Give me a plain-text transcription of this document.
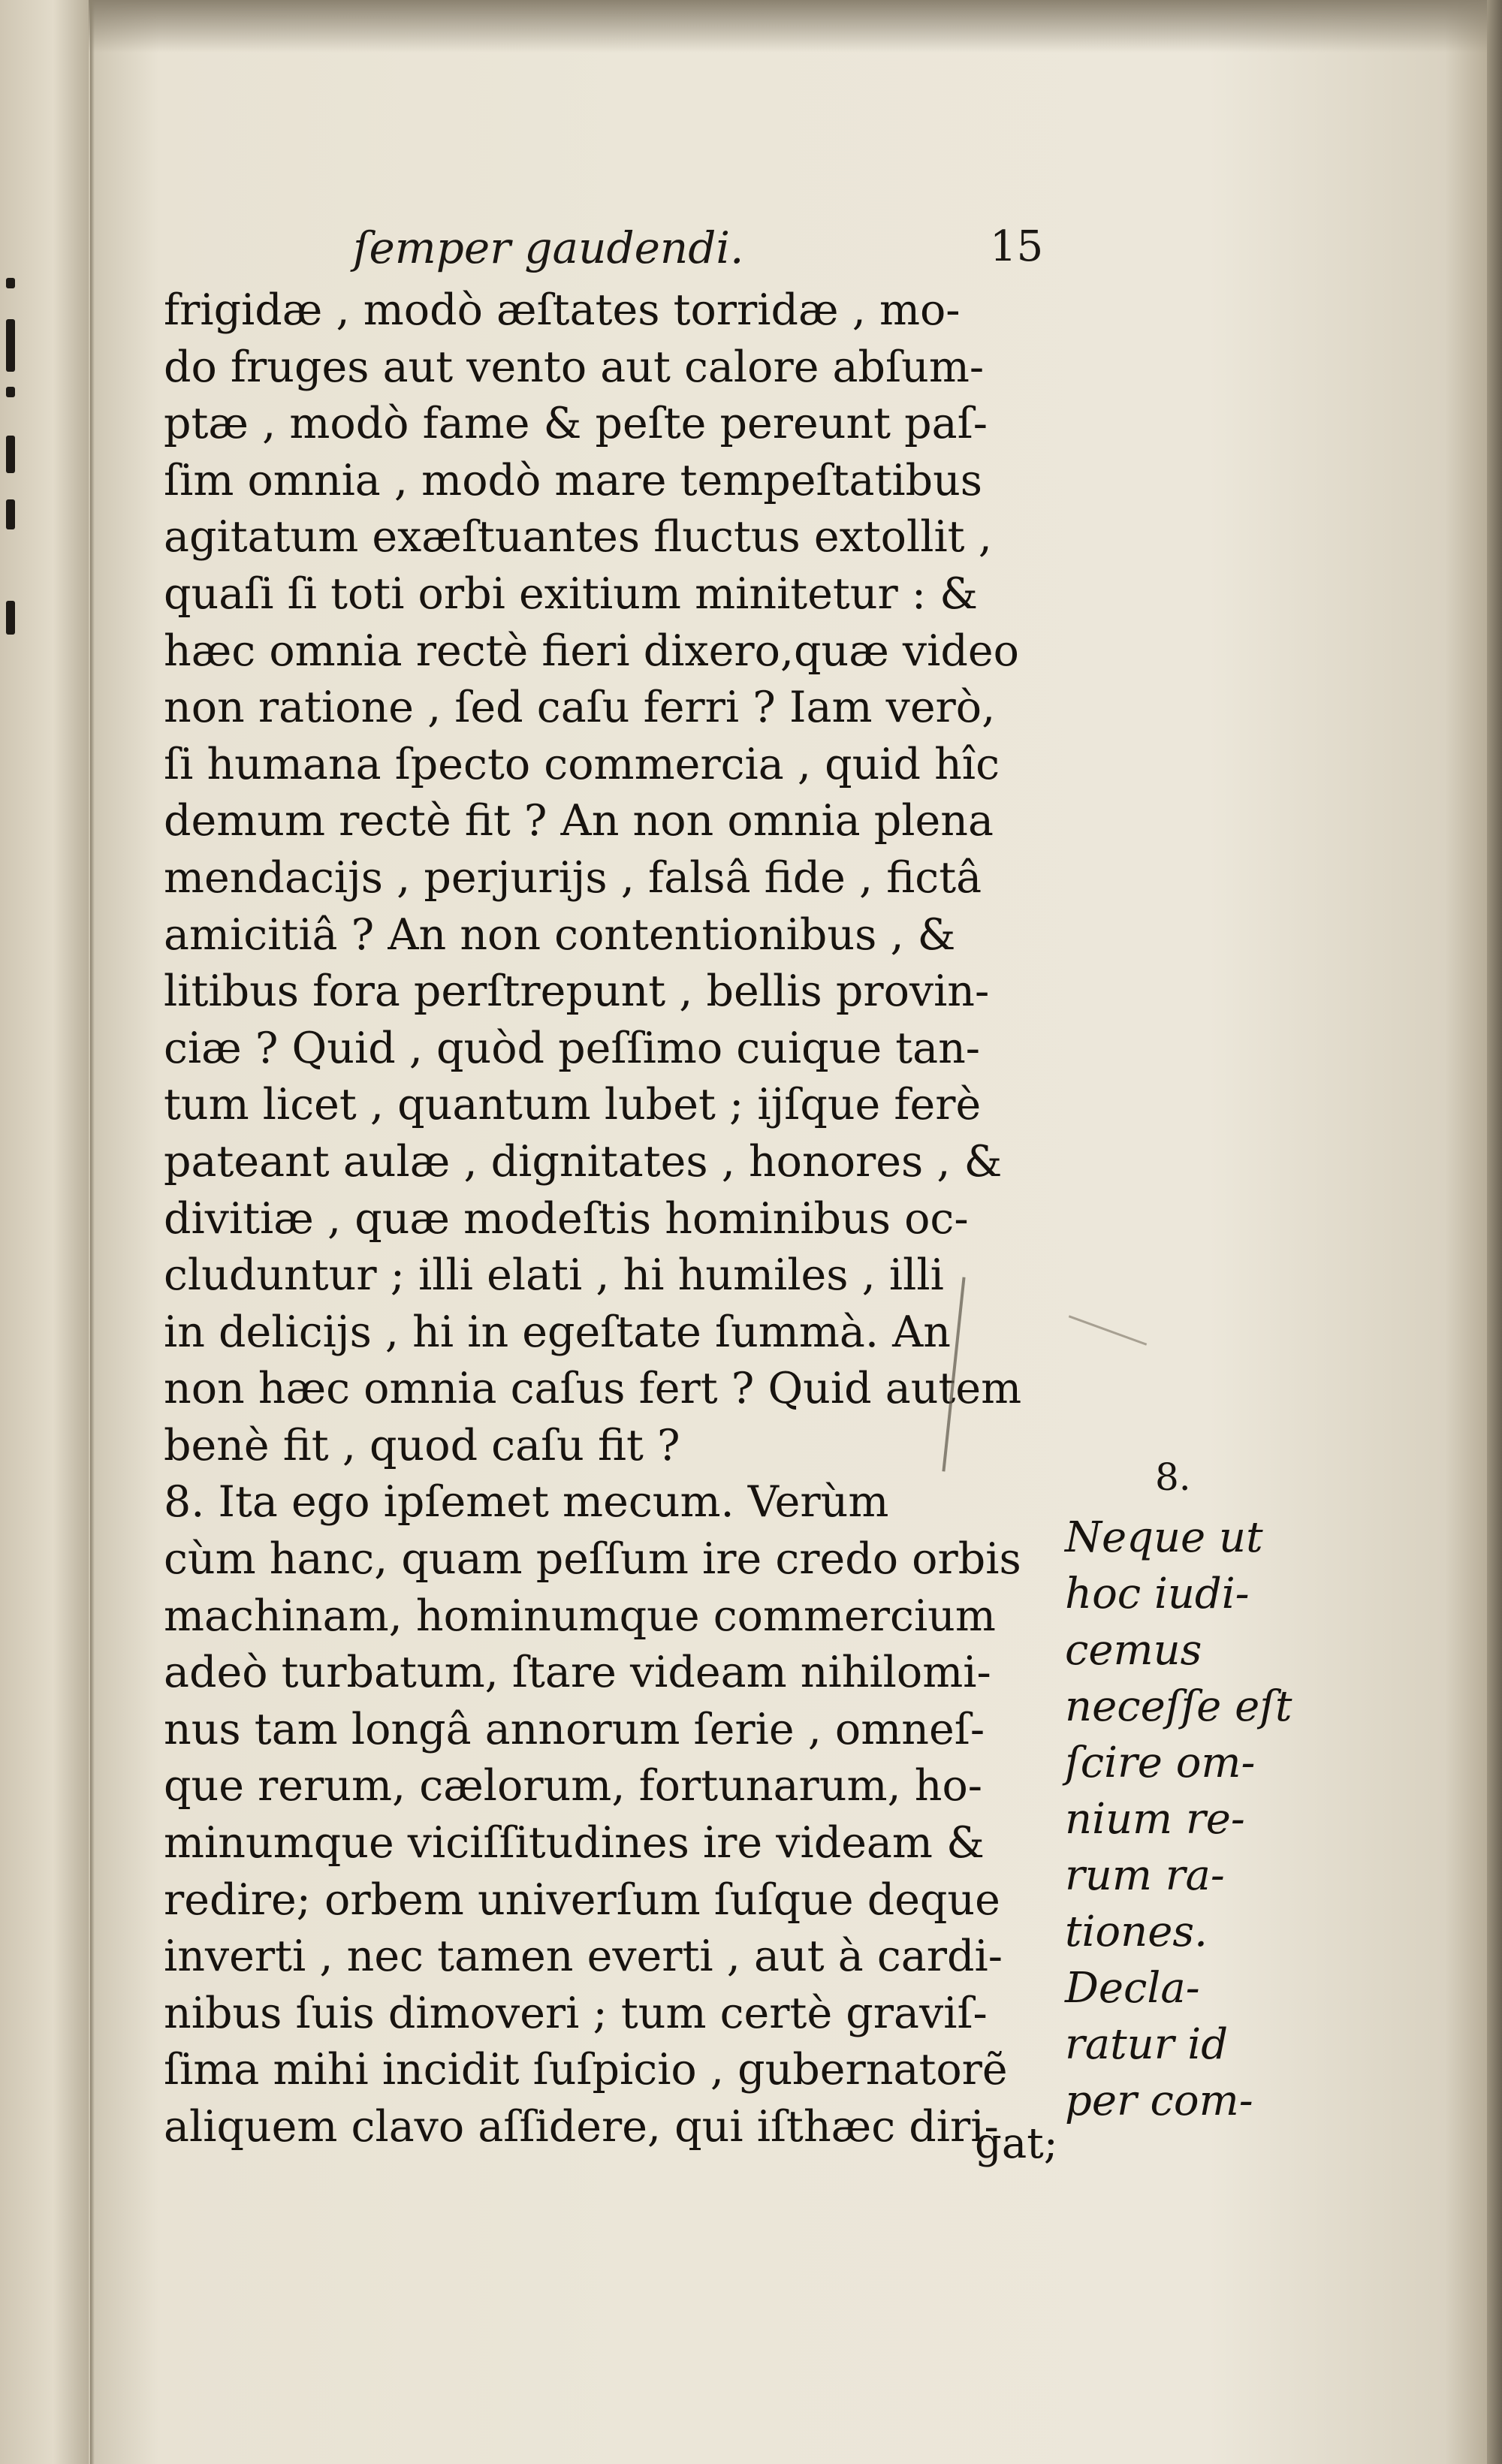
ſemper gaudendi.	15
frigidæ , modò æſtates torridæ , mo-
do fruges aut vento aut calore abſum-
ptæ , modò fame & peſte pereunt paſ-
ſim omnia , modò mare tempeſtatibus
agitatum exæſtuantes fluctus extollit ,
quaſi ſi toti orbi exitium minitetur : &
hæc omnia rectè fieri dixero,quæ video
non ratione , ſed caſu ferri ? Iam verò,
ſi humana ſpecto commercia , quid hîc
demum rectè fit ? An non omnia plena
mendacijs , perjurijs , falsâ fide , fictâ
amicitiâ ? An non contentionibus , &
litibus fora perſtrepunt , bellis provin-
ciæ ? Quid , quòd peſſimo cuique tan-
tum licet , quantum lubet ; ijſque ferè
pateant aulæ , dignitates , honores , &
divitiæ , quæ modeſtis hominibus oc-
cluduntur ; illi elati , hi humiles , illi
in delicijs , hi in egeſtate ſummà. An
non hæc omnia caſus fert ? Quid autem
benè fit , quod caſu fit ?
8. Ita ego ipſemet mecum. Verùm
cùm hanc, quam peſſum ire credo orbis
machinam, hominumque commercium
adeò turbatum, ſtare videam nihilomi-
nus tam longâ annorum ſerie , omneſ-
que rerum, cælorum, fortunarum, ho-
minumque viciſſitudines ire videam &
redire; orbem univerſum ſuſque deque
inverti , nec tamen everti , aut à cardi-
nibus ſuis dimoveri ; tum certè graviſ-
ſima mihi incidit ſuſpicio , gubernatorẽ
aliquem clavo aſſidere, qui iſthæc diri-
8.
Neque ut
hoc iudi-
cemus
neceſſe eſt
ſcire om-
nium re-
rum ra-
tiones.
Decla-
ratur id
per com-
gat;
